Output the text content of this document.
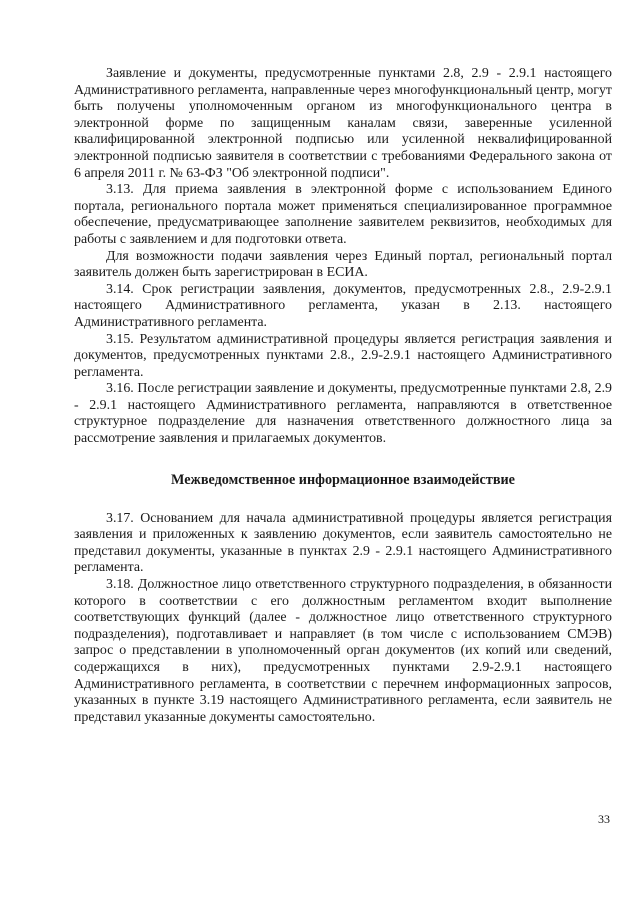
Заявление и документы, предусмотренные пунктами 2.8, 2.9 - 2.9.1 настоящего Административного регламента, направленные через многофункциональный центр, могут быть получены уполномоченным органом из многофункционального центра в электронной форме по защищенным каналам связи, заверенные усиленной квалифицированной электронной подписью или усиленной неквалифицированной электронной подписью заявителя в соответствии с требованиями Федерального закона от 6 апреля 2011 г. № 63-ФЗ "Об электронной подписи".

3.13. Для приема заявления в электронной форме с использованием Единого портала, регионального портала может применяться специализированное программное обеспечение, предусматривающее заполнение заявителем реквизитов, необходимых для работы с заявлением и для подготовки ответа.

Для возможности подачи заявления через Единый портал, региональный портал заявитель должен быть зарегистрирован в ЕСИА.

3.14. Срок регистрации заявления, документов, предусмотренных 2.8., 2.9-2.9.1 настоящего Административного регламента, указан в 2.13. настоящего Административного регламента.

3.15. Результатом административной процедуры является регистрация заявления и документов, предусмотренных пунктами 2.8., 2.9-2.9.1 настоящего Административного регламента.

3.16. После регистрации заявление и документы, предусмотренные пунктами 2.8, 2.9 - 2.9.1 настоящего Административного регламента, направляются в ответственное структурное подразделение для назначения ответственного должностного лица за рассмотрение заявления и прилагаемых документов.

Межведомственное информационное взаимодействие

3.17. Основанием для начала административной процедуры является регистрация заявления и приложенных к заявлению документов, если заявитель самостоятельно не представил документы, указанные в пунктах 2.9 - 2.9.1 настоящего Административного регламента.

3.18. Должностное лицо ответственного структурного подразделения, в обязанности которого в соответствии с его должностным регламентом входит выполнение соответствующих функций (далее - должностное лицо ответственного структурного подразделения), подготавливает и направляет (в том числе с использованием СМЭВ) запрос о представлении в уполномоченный орган документов (их копий или сведений, содержащихся в них), предусмотренных пунктами 2.9-2.9.1 настоящего Административного регламента, в соответствии с перечнем информационных запросов, указанных в пункте 3.19 настоящего Административного регламента, если заявитель не представил указанные документы самостоятельно.

33
